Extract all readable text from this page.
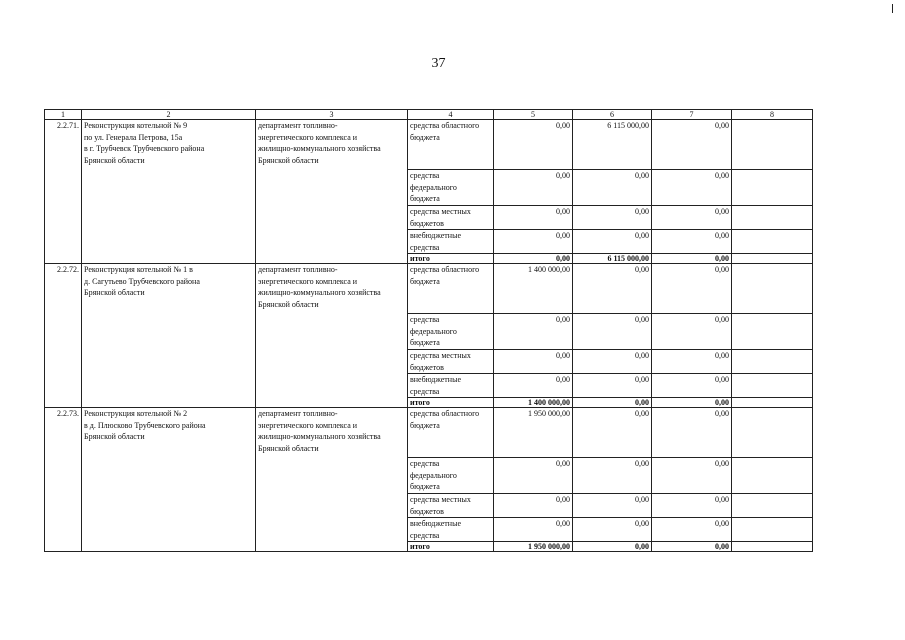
37
1	2	3	4	5	6	7	8
2.2.71.	Реконструкция котельной № 9
по ул. Генерала Петрова, 15а
в г. Трубчевск Трубчевского района
Брянской области	департамент топливно-
энергетического комплекса и
жилищно-коммунального хозяйства
Брянской области	средства областного
бюджета	0,00	6 115 000,00	0,00	
			средства
федерального
бюджета	0,00	0,00	0,00	
			средства местных
бюджетов	0,00	0,00	0,00	
			внебюджетные
средства	0,00	0,00	0,00	
			итого	0,00	6 115 000,00	0,00	
2.2.72.	Реконструкция котельной № 1 в
д. Сагутьево Трубчевского района
Брянской области	департамент топливно-
энергетического комплекса и
жилищно-коммунального хозяйства
Брянской области	средства областного
бюджета	1 400 000,00	0,00	0,00	
			средства
федерального
бюджета	0,00	0,00	0,00	
			средства местных
бюджетов	0,00	0,00	0,00	
			внебюджетные
средства	0,00	0,00	0,00	
			итого	1 400 000,00	0,00	0,00	
2.2.73.	Реконструкция котельной № 2
в д. Плюсково Трубчевского района
Брянской области	департамент топливно-
энергетического комплекса и
жилищно-коммунального хозяйства
Брянской области	средства областного
бюджета	1 950 000,00	0,00	0,00	
			средства
федерального
бюджета	0,00	0,00	0,00	
			средства местных
бюджетов	0,00	0,00	0,00	
			внебюджетные
средства	0,00	0,00	0,00	
			итого	1 950 000,00	0,00	0,00	
